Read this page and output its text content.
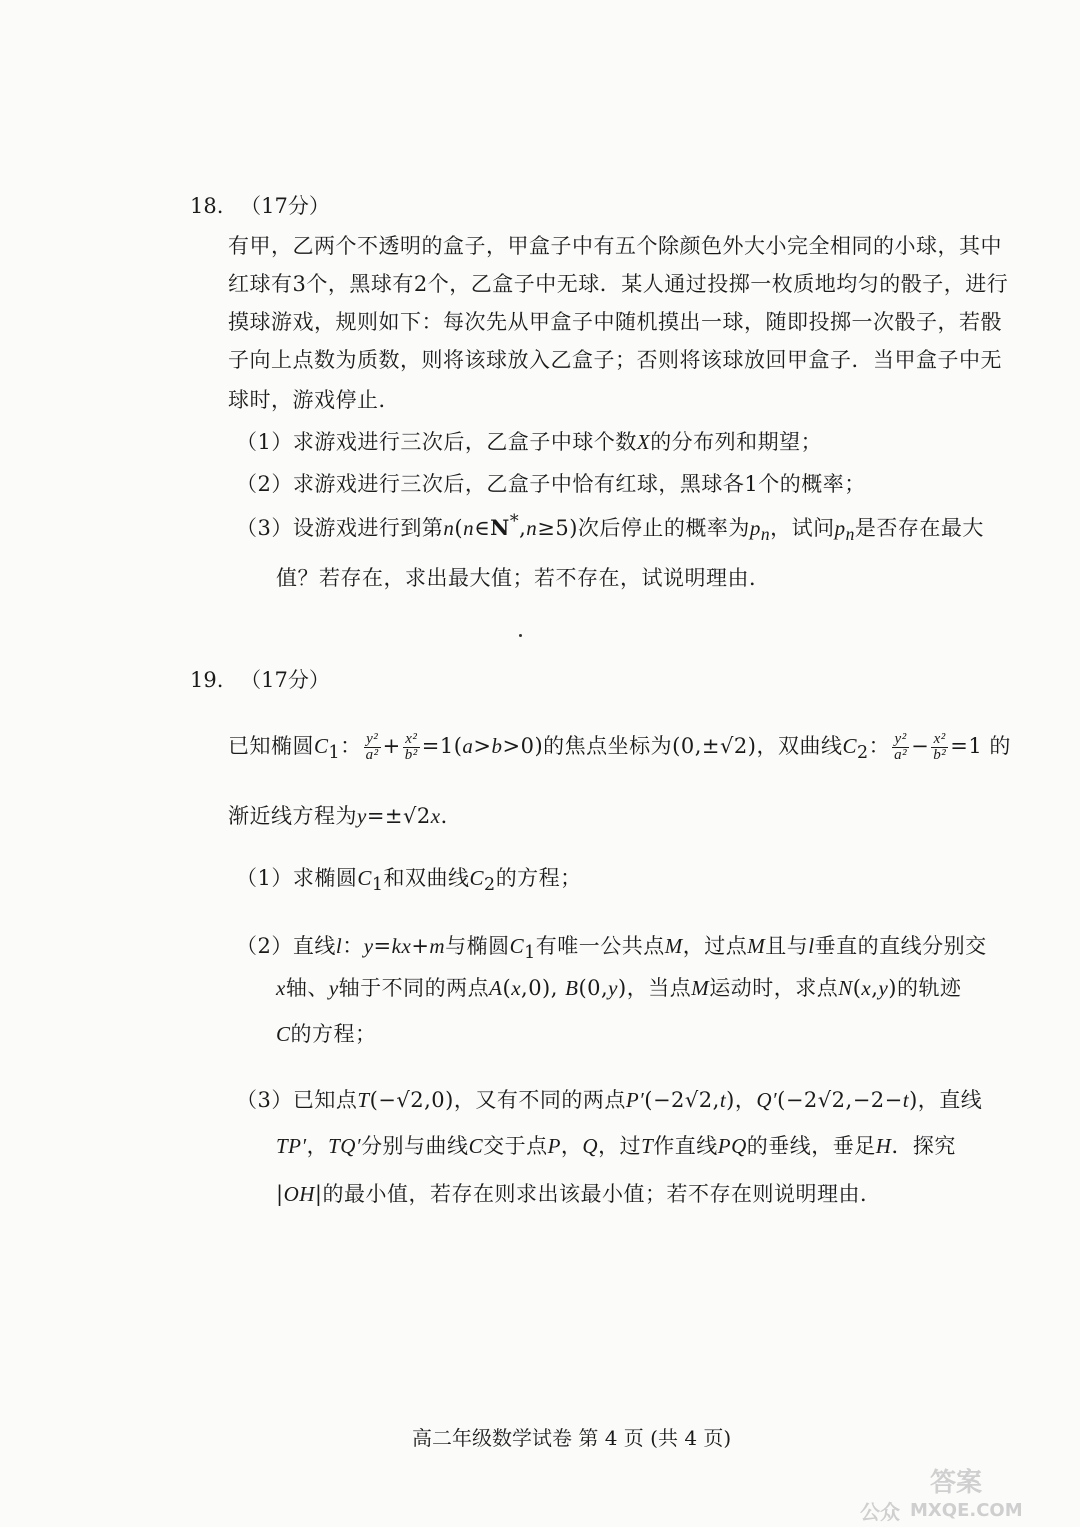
18. （17分）
有甲，乙两个不透明的盒子，甲盒子中有五个除颜色外大小完全相同的小球，其中
红球有3个，黑球有2个，乙盒子中无球．某人通过投掷一枚质地均匀的骰子，进行
摸球游戏，规则如下：每次先从甲盒子中随机摸出一球，随即投掷一次骰子，若骰
子向上点数为质数，则将该球放入乙盒子；否则将该球放回甲盒子．当甲盒子中无
球时，游戏停止．
（1）求游戏进行三次后，乙盒子中球个数X的分布列和期望；
（2）求游戏进行三次后，乙盒子中恰有红球，黑球各1个的概率；
（3）设游戏进行到第n(n∈N*,n≥5)次后停止的概率为$p_n$，试问$p_n$是否存在最大
值？若存在，求出最大值；若不存在，试说明理由．
19. （17分）
已知椭圆$C_1$： $\frac{\text{y²}}{\text{a²}} + \frac{\text{x²}}{\text{b²}} =1(a>b>0)$的焦点坐标为(0,±√2)，双曲线$C_2$： $\frac{\text{y²}}{\text{a²}} - \frac{\text{x²}}{\text{b²}} =1$ 的
渐近线方程为y=±√2x．
（1）求椭圆$C_1$和双曲线$C_2$的方程；
（2）直线l：y=kx+m与椭圆$C_1$有唯一公共点M，过点M且与l垂直的直线分别交
x轴、y轴于不同的两点A(x,0), B(0,y)，当点M运动时，求点N(x,y)的轨迹
C的方程；
（3）已知点T(−√2,0)，又有不同的两点P′(−2√2,t)，Q′(−2√2,−2−t)，直线
TP′，TQ′分别与曲线C交于点P，Q，过T作直线PQ的垂线，垂足H．探究
|OH|的最小值，若存在则求出该最小值；若不存在则说明理由．
高二年级数学试卷 第 4 页 (共 4 页)
答案
公众 MXQE.COM
